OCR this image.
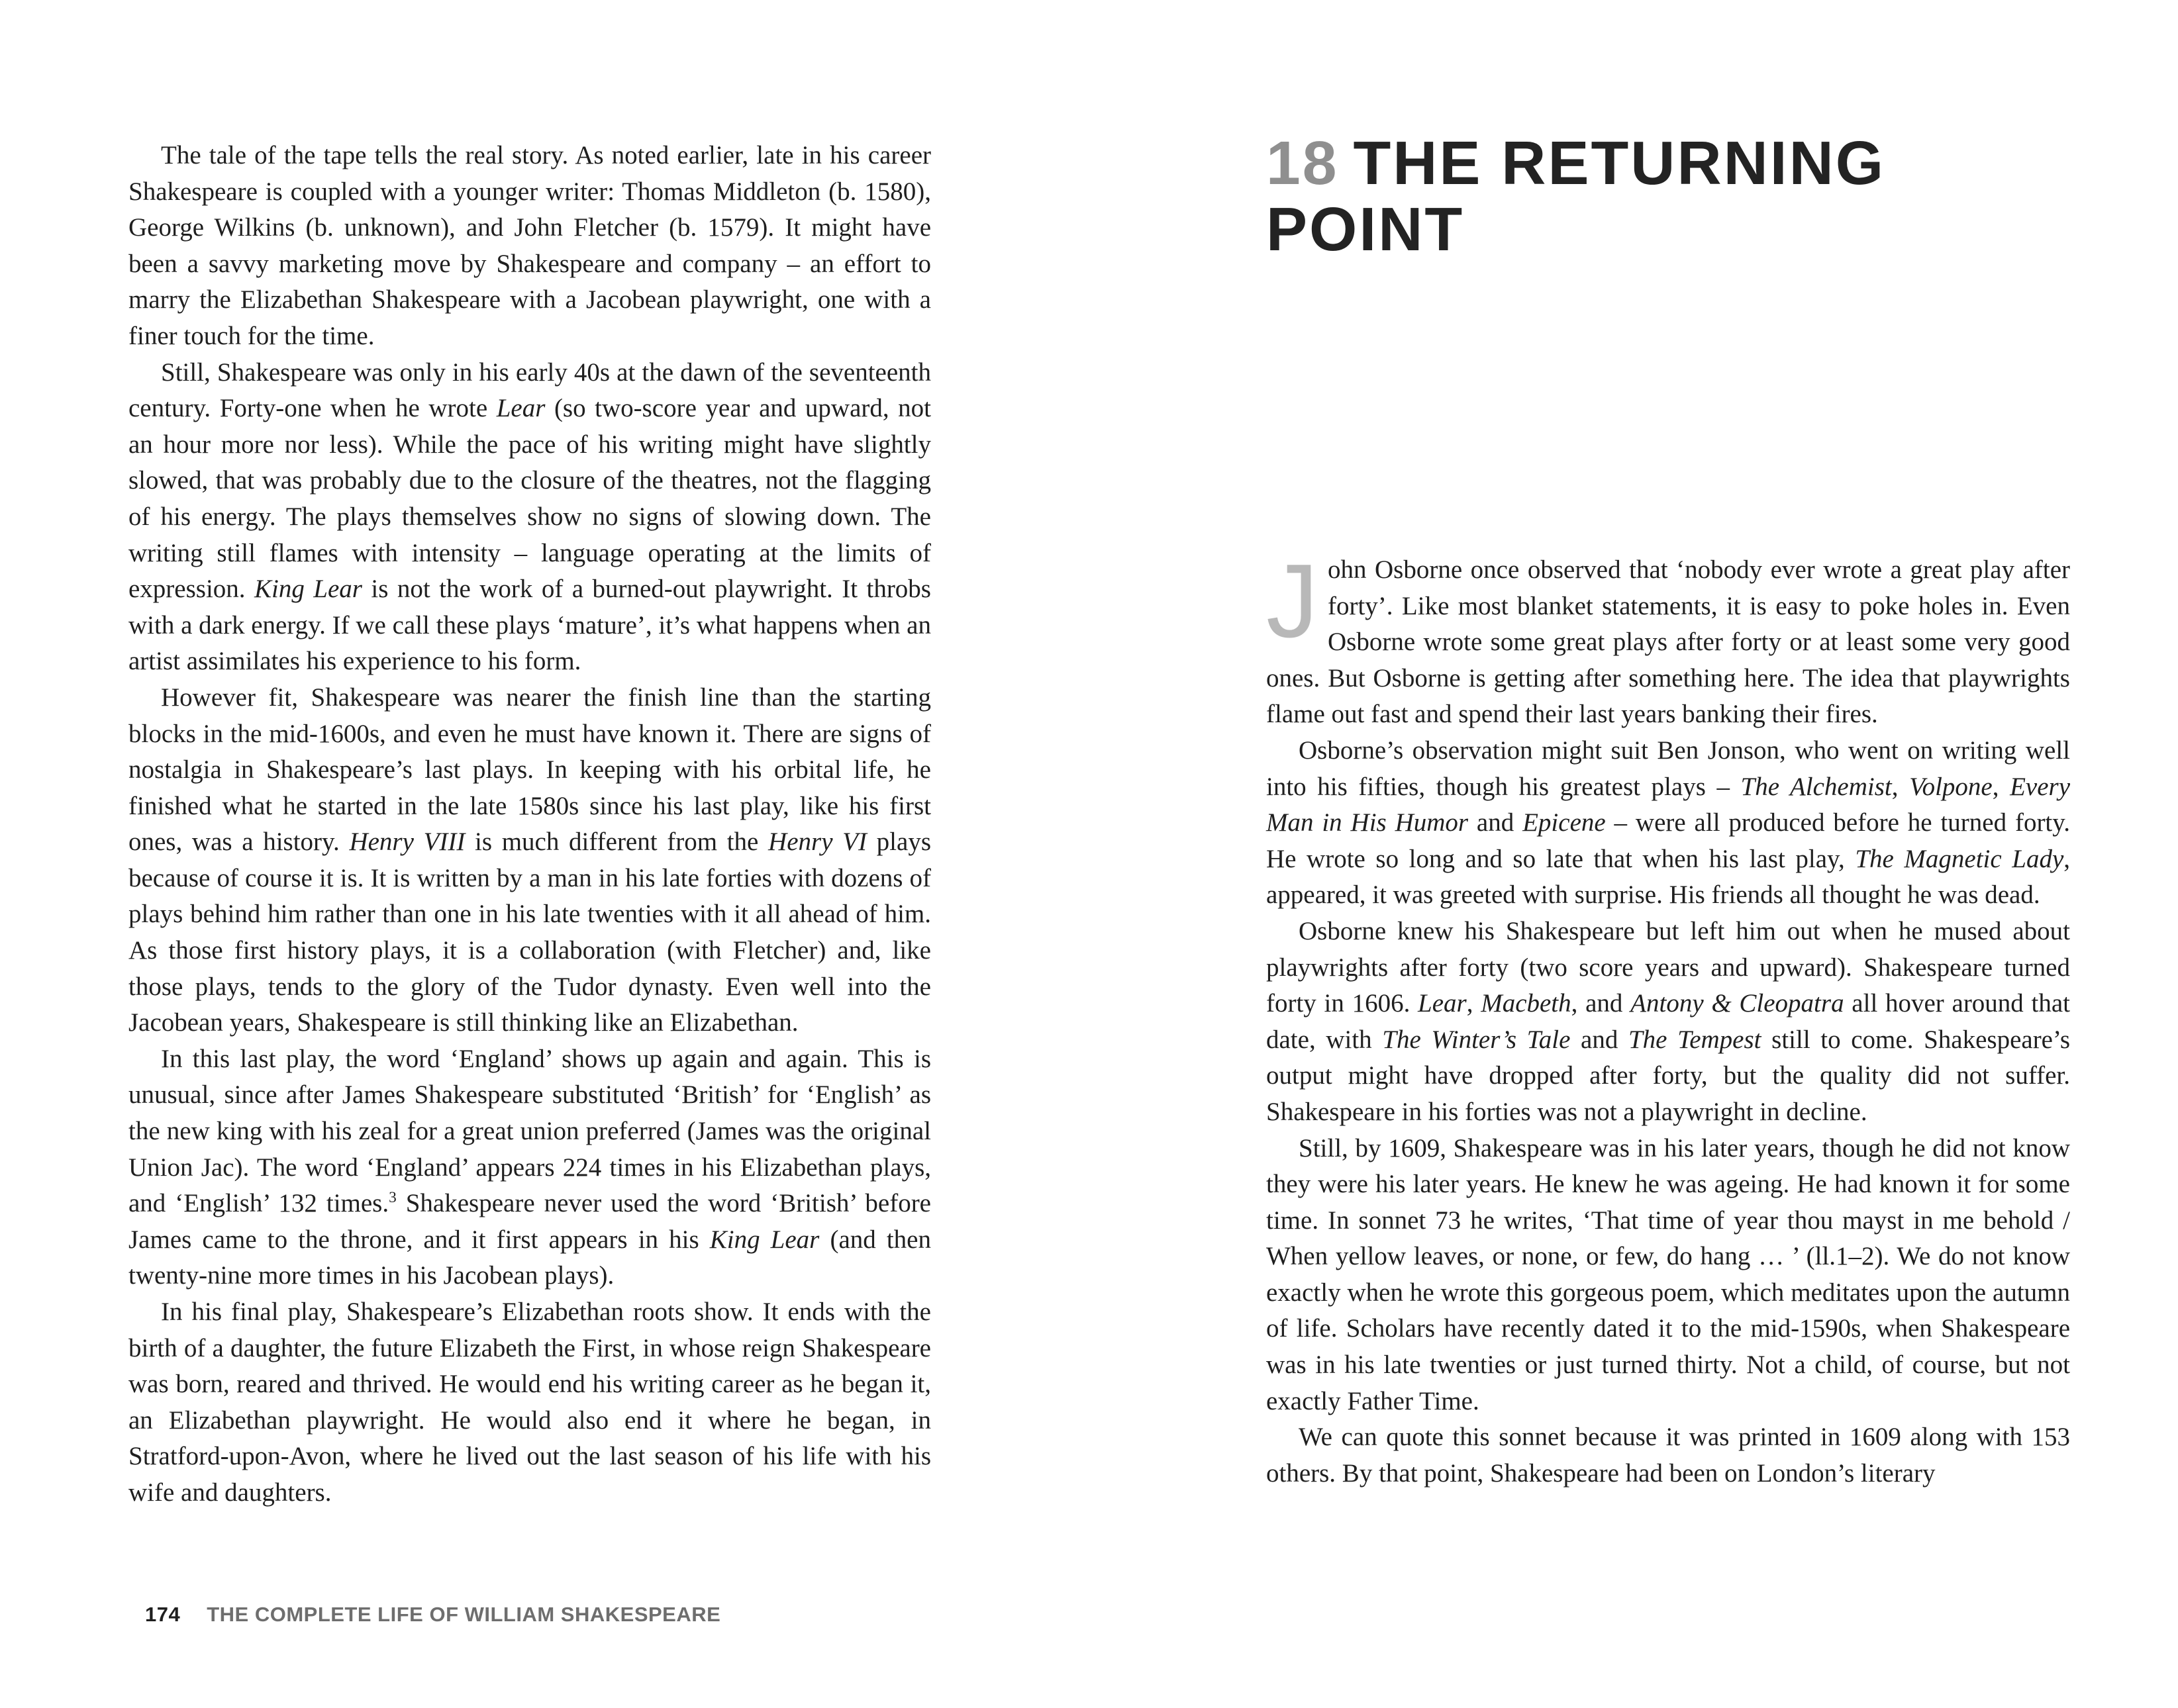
The tale of the tape tells the real story. As noted earlier, late in his career Shakespeare is coupled with a younger writer: Thomas Middleton (b. 1580), George Wilkins (b. unknown), and John Fletcher (b. 1579). It might have been a savvy marketing move by Shakespeare and company – an effort to marry the Elizabethan Shakespeare with a Jacobean playwright, one with a finer touch for the time.

Still, Shakespeare was only in his early 40s at the dawn of the seventeenth century. Forty-one when he wrote Lear (so two-score year and upward, not an hour more nor less). While the pace of his writing might have slightly slowed, that was probably due to the closure of the theatres, not the flagging of his energy. The plays themselves show no signs of slowing down. The writing still flames with intensity – language operating at the limits of expression. King Lear is not the work of a burned-out playwright. It throbs with a dark energy. If we call these plays ‘mature’, it’s what happens when an artist assimilates his experience to his form.

However fit, Shakespeare was nearer the finish line than the starting blocks in the mid-1600s, and even he must have known it. There are signs of nostalgia in Shakespeare’s last plays. In keeping with his orbital life, he finished what he started in the late 1580s since his last play, like his first ones, was a history. Henry VIII is much different from the Henry VI plays because of course it is. It is written by a man in his late forties with dozens of plays behind him rather than one in his late twenties with it all ahead of him. As those first history plays, it is a collaboration (with Fletcher) and, like those plays, tends to the glory of the Tudor dynasty. Even well into the Jacobean years, Shakespeare is still thinking like an Elizabethan.

In this last play, the word ‘England’ shows up again and again. This is unusual, since after James Shakespeare substituted ‘British’ for ‘English’ as the new king with his zeal for a great union preferred (James was the original Union Jac). The word ‘England’ appears 224 times in his Elizabethan plays, and ‘English’ 132 times.$^3$ Shakespeare never used the word ‘British’ before James came to the throne, and it first appears in his King Lear (and then twenty-nine more times in his Jacobean plays).

In his final play, Shakespeare’s Elizabethan roots show. It ends with the birth of a daughter, the future Elizabeth the First, in whose reign Shakespeare was born, reared and thrived. He would end his writing career as he began it, an Elizabethan playwright. He would also end it where he began, in Stratford-upon-Avon, where he lived out the last season of his life with his wife and daughters.

174 THE COMPLETE LIFE OF WILLIAM SHAKESPEARE
18 THE RETURNING POINT

John Osborne once observed that ‘nobody ever wrote a great play after forty’. Like most blanket statements, it is easy to poke holes in. Even Osborne wrote some great plays after forty or at least some very good ones. But Osborne is getting after something here. The idea that playwrights flame out fast and spend their last years banking their fires.

Osborne’s observation might suit Ben Jonson, who went on writing well into his fifties, though his greatest plays – The Alchemist, Volpone, Every Man in His Humor and Epicene – were all produced before he turned forty. He wrote so long and so late that when his last play, The Magnetic Lady, appeared, it was greeted with surprise. His friends all thought he was dead.

Osborne knew his Shakespeare but left him out when he mused about playwrights after forty (two score years and upward). Shakespeare turned forty in 1606. Lear, Macbeth, and Antony & Cleopatra all hover around that date, with The Winter’s Tale and The Tempest still to come. Shakespeare’s output might have dropped after forty, but the quality did not suffer. Shakespeare in his forties was not a playwright in decline.

Still, by 1609, Shakespeare was in his later years, though he did not know they were his later years. He knew he was ageing. He had known it for some time. In sonnet 73 he writes, ‘That time of year thou mayst in me behold / When yellow leaves, or none, or few, do hang … ’ (ll.1–2). We do not know exactly when he wrote this gorgeous poem, which meditates upon the autumn of life. Scholars have recently dated it to the mid-1590s, when Shakespeare was in his late twenties or just turned thirty. Not a child, of course, but not exactly Father Time.

We can quote this sonnet because it was printed in 1609 along with 153 others. By that point, Shakespeare had been on London’s literary
